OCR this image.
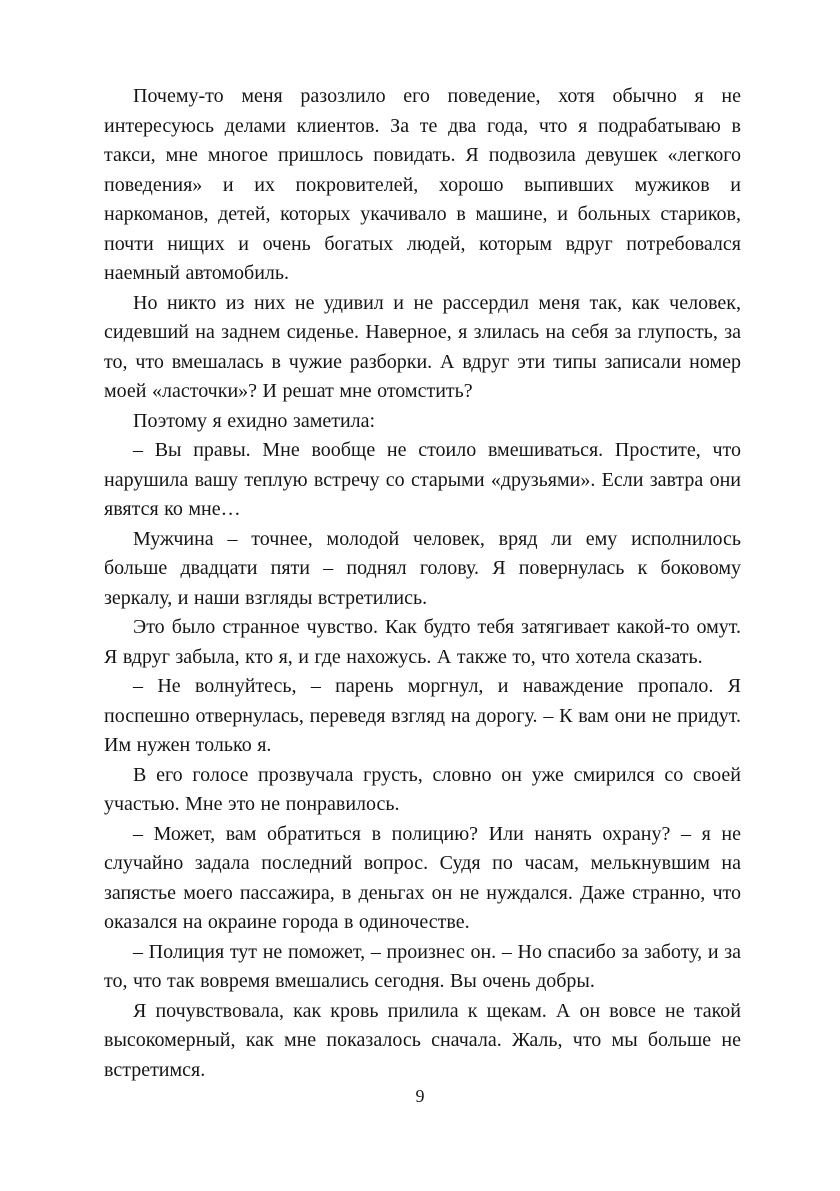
Почему-то меня разозлило его поведение, хотя обычно я не интересуюсь делами клиентов. За те два года, что я подрабатываю в такси, мне многое пришлось повидать. Я подвозила девушек «легкого поведения» и их покровителей, хорошо выпивших мужиков и наркоманов, детей, которых укачивало в машине, и больных стариков, почти нищих и очень богатых людей, которым вдруг потребовался наемный автомобиль.

Но никто из них не удивил и не рассердил меня так, как человек, сидевший на заднем сиденье. Наверное, я злилась на себя за глупость, за то, что вмешалась в чужие разборки. А вдруг эти типы записали номер моей «ласточки»? И решат мне отомстить?

Поэтому я ехидно заметила:

– Вы правы. Мне вообще не стоило вмешиваться. Простите, что нарушила вашу теплую встречу со старыми «друзьями». Если завтра они явятся ко мне…

Мужчина – точнее, молодой человек, вряд ли ему исполнилось больше двадцати пяти – поднял голову. Я повернулась к боковому зеркалу, и наши взгляды встретились.

Это было странное чувство. Как будто тебя затягивает какой-то омут. Я вдруг забыла, кто я, и где нахожусь. А также то, что хотела сказать.

– Не волнуйтесь, – парень моргнул, и наваждение пропало. Я поспешно отвернулась, переведя взгляд на дорогу. – К вам они не придут. Им нужен только я.

В его голосе прозвучала грусть, словно он уже смирился со своей участью. Мне это не понравилось.

– Может, вам обратиться в полицию? Или нанять охрану? – я не случайно задала последний вопрос. Судя по часам, мелькнувшим на запястье моего пассажира, в деньгах он не нуждался. Даже странно, что оказался на окраине города в одиночестве.

– Полиция тут не поможет, – произнес он. – Но спасибо за заботу, и за то, что так вовремя вмешались сегодня. Вы очень добры.

Я почувствовала, как кровь прилила к щекам. А он вовсе не такой высокомерный, как мне показалось сначала. Жаль, что мы больше не встретимся.

9
